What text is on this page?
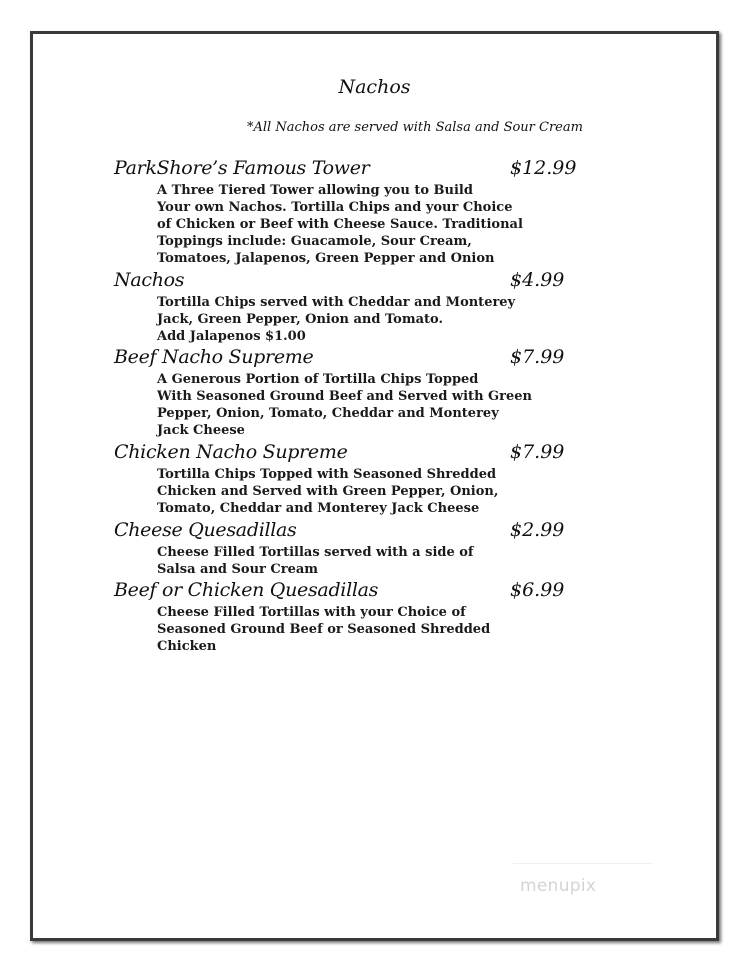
Nachos
*All Nachos are served with Salsa and Sour Cream
ParkShore’s Famous Tower	$12.99
A Three Tiered Tower allowing you to Build
Your own Nachos. Tortilla Chips and your Choice
of Chicken or Beef with Cheese Sauce. Traditional
Toppings include: Guacamole, Sour Cream,
Tomatoes, Jalapenos, Green Pepper and Onion
Nachos	$4.99
Tortilla Chips served with Cheddar and Monterey
Jack, Green Pepper, Onion and Tomato.
Add Jalapenos $1.00
Beef Nacho Supreme	$7.99
A Generous Portion of Tortilla Chips Topped
With Seasoned Ground Beef and Served with Green
Pepper, Onion, Tomato, Cheddar and Monterey
Jack Cheese
Chicken Nacho Supreme	$7.99
Tortilla Chips Topped with Seasoned Shredded
Chicken and Served with Green Pepper, Onion,
Tomato, Cheddar and Monterey Jack Cheese
Cheese Quesadillas	$2.99
Cheese Filled Tortillas served with a side of
Salsa and Sour Cream
Beef or Chicken Quesadillas	$6.99
Cheese Filled Tortillas with your Choice of
Seasoned Ground Beef or Seasoned Shredded
Chicken
menupix
